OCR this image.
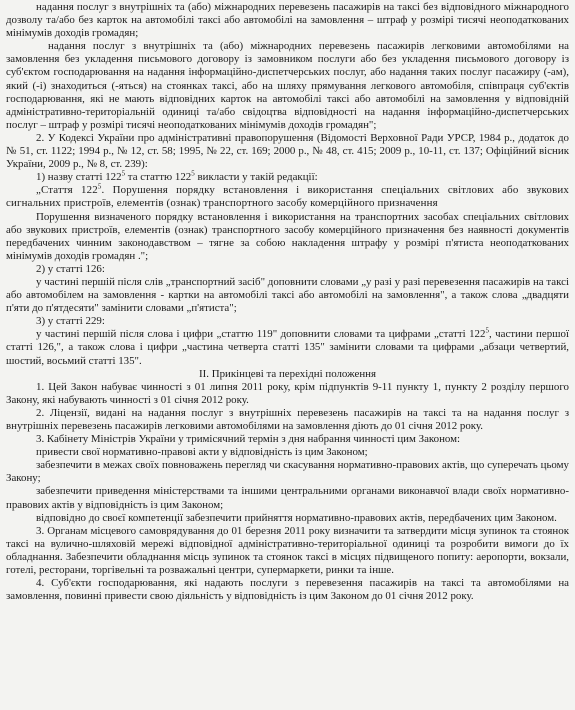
надання послуг з внутрішніх та (або) міжнародних перевезень пасажирів на таксі без відповідного міжнародного дозволу та/або без карток на автомобілі таксі або автомобілі на замовлення – штраф у розмірі тисячі неоподаткованих мінімумів доходів громадян;

надання послуг з внутрішніх та (або) міжнародних перевезень пасажирів легковими автомобілями на замовлення без укладення письмового договору із замовником послуги або без укладення письмового договору із суб'єктом господарювання на надання інформаційно-диспетчерських послуг, або надання таких послуг пасажиру (-ам), який (-і) знаходиться (-яться) на стоянках таксі, або на шляху прямування легкового автомобіля, співпраця суб'єктів господарювання, які не мають відповідних карток на автомобілі таксі або автомобілі на замовлення у відповідній адміністративно-територіальній одиниці та/або свідоцтва відповідності на надання інформаційно-диспетчерських послуг – штраф у розмірі тисячі неоподаткованих мінімумів доходів громадян";

2. У Кодексі України про адміністративні правопорушення (Відомості Верховної Ради УРСР, 1984 р., додаток до № 51, ст. 1122; 1994 р., № 12, ст. 58; 1995, № 22, ст. 169; 2000 р., № 48, ст. 415; 2009 р., 10-11, ст. 137; Офіційний вісник України, 2009 р., № 8, ст. 239):

1) назву статті $122^5$ та статтю $122^5$ викласти у такій редакції:

„Стаття $122^5$. Порушення порядку встановлення і використання спеціальних світлових або звукових сигнальних пристроїв, елементів (ознак) транспортного засобу комерційного призначення

Порушення визначеного порядку встановлення і використання на транспортних засобах спеціальних світлових або звукових пристроїв, елементів (ознак) транспортного засобу комерційного призначення без наявності документів передбачених чинним законодавством – тягне за собою накладення штрафу у розмірі п'ятиста неоподаткованих мінімумів доходів громадян .";

2) у статті 126:

у частині першій після слів „транспортний засіб" доповнити словами „у разі у разі перевезення пасажирів на таксі або автомобілем на замовлення - картки на автомобілі таксі або автомобілі на замовлення", а також слова „двадцяти п'яти до п'ятдесяти" замінити словами „п'ятиста";

3) у статті 229:

у частині першій після слова і цифри „статтю 119" доповнити словами та цифрами „статті $122^5$, частини першої статті 126,", а також слова і цифри „частина четверта статті 135" замінити словами та цифрами „абзаци четвертий, шостий, восьмий статті 135".

II. Прикінцеві та перехідні положення

1. Цей Закон набуває чинності з 01 липня 2011 року, крім підпунктів 9-11 пункту 1, пункту 2 розділу першого Закону, які набувають чинності з 01 січня 2012 року.

2. Ліцензії, видані на надання послуг з внутрішніх перевезень пасажирів на таксі та на надання послуг з внутрішніх перевезень пасажирів легковими автомобілями на замовлення діють до 01 січня 2012 року.

3. Кабінету Міністрів України у тримісячний термін з дня набрання чинності цим Законом:

привести свої нормативно-правові акти у відповідність із цим Законом;

забезпечити в межах своїх повноважень перегляд чи скасування нормативно-правових актів, що суперечать цьому Закону;

забезпечити приведення міністерствами та іншими центральними органами виконавчої влади своїх нормативно-правових актів у відповідність із цим Законом;

відповідно до своєї компетенції забезпечити прийняття нормативно-правових актів, передбачених цим Законом.

3. Органам місцевого самоврядування до 01 березня 2011 року визначити та затвердити місця зупинок та стоянок таксі на вулично-шляховій мережі відповідної адміністративно-територіальної одиниці та розробити вимоги до їх обладнання. Забезпечити обладнання місць зупинок та стоянок таксі в місцях підвищеного попиту: аеропорти, вокзали, готелі, ресторани, торгівельні та розважальні центри, супермаркети, ринки та інше.

4. Суб'єкти господарювання, які надають послуги з перевезення пасажирів на таксі та автомобілями на замовлення, повинні привести свою діяльність у відповідність із цим Законом до 01 січня 2012 року.
